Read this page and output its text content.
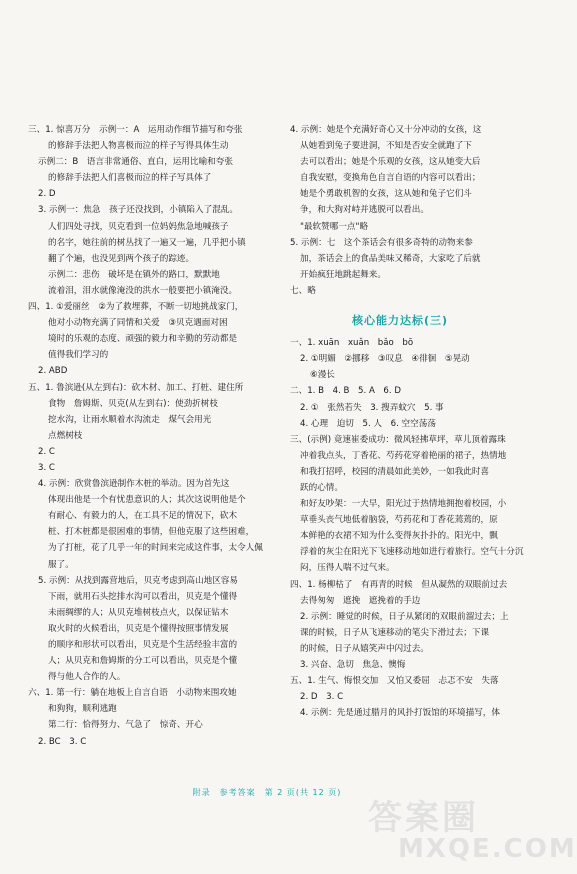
三、1. 惊喜万分　示例一：A　运用动作细节描写和夸张
的修辞手法把人物喜极而泣的样子写得具体生动
示例二：B　语言非常通俗、直白，运用比喻和夸张
的修辞手法把人们喜极而泣的样子写具体了
2. D
3. 示例一：焦急　孩子还没找到，小镇陷入了混乱。
人们四处寻找，贝克看到一位妈妈焦急地喊孩子
的名字，她往前的树丛找了一遍又一遍，几乎把小镇
翻了个遍，也没见到两个孩子的踪迹。
示例二：悲伤　破坏是在镇外的路口，默默地
流着泪，泪水就像淹没的洪水一般要把小镇淹没。
四、1. ①爱丽丝　②为了救埋葬，不断一切地挑战家门，
他对小动物充满了同情和关爱　③贝克遇面对困
境时的乐观的态度、顽强的毅力和辛勤的劳动都是
值得我们学习的
2. ABD
五、1. 鲁滨逊(从左到右)：砍木材、加工、打桩、建住所
食物　詹姆斯、贝克(从左到右)：使劲折树枝
挖水沟，让雨水顺着水沟流走　煤气会用光
点燃树枝
2. C
3. C
4. 示例：欣赏鲁滨逊制作木桩的举动。因为首先这
体现出他是一个有忧患意识的人；其次这说明他是个
有耐心、有毅力的人，在工具不足的情况下，砍木
桩、打木桩都是很困难的事情，但他克服了这些困难，
为了打桩，花了几乎一年的时间来完成这件事，太令人佩
服了。
5. 示例：从找到露营地后，贝克考虑到高山地区容易
下雨，就用石头挖排水沟可以看出，贝克是个懂得
未雨绸缪的人；从贝克堆树枝点火，以保证钻木
取火时的火候看出，贝克是个懂得按照事情发展
的顺序和形状可以看出，贝克是个生活经验丰富的
人；从贝克和詹姆斯的分工可以看出，贝克是个懂
得与他人合作的人。
六、1. 第一行：躺在地板上自言自语　小动物来围攻她
和狗狗，顺利逃跑
第二行：恰得努力、气急了　惊奇、开心
2. BC　3. C
4. 示例：她是个充满好奇心又十分冲动的女孩，这
从她看到兔子要进洞，不知是否安全就跑了下
去可以看出；她是个乐观的女孩，这从她变大后
自我安慰，变换角色自言自语的内容可以看出；
她是个勇敢机智的女孩，这从她和兔子它们斗
争，和大狗对峙并逃脱可以看出。
"最软赞哪一点"略
5. 示例：七　这个茶话会有很多奇特的动物来参
加，茶话会上的食品美味又稀奇，大家吃了后就
开始疯狂地跳起舞来。
七、略
核心能力达标(三)
一、1. xuān　xuǎn　bǎo　bō
2. ①明媚　②挪移　③叹息　④徘徊　⑤晃动
⑥漫长
二、1. B　4. B　5. A　6. D
2. ①　张然若失　3. 搜弄蚊穴　5. 事
4. 心理　迫切　5. 人　6. 空空荡荡
三、(示例) 竟速崔委成功：微风轻拂草坪，草儿顶着露珠
冲着我点头，丁香花、芍药花穿着艳丽的裙子，热情地
和我打招呼，校园的清晨如此美妙，一如我此时喜
跃的心情。
和好友吵架：一大早，阳光过于热情地拥抱着校园，小
草垂头丧气地低着脑袋，芍药花和丁香花蔫蔫的，原
本鲜艳的衣裙不知为什么变得灰扑扑的。阳光中，飘
浮着的灰尘在阳光下飞速移动地如进行着旅行。空气十分沉
闷，压得人喘不过气来。
四、1. 杨柳枯了　有再青的时候　但从凝然的双眼前过去
去得匆匆　遮挽　遮挽着的手边
2. 示例：睡觉的时候，日子从紧闭的双眼前溜过去；上
课的时候，日子从飞速移动的笔尖下滑过去；下课
的时候，日子从嬉笑声中闪过去。
3. 兴奋、急切　焦急、懊悔
五、1. 生气、悔恨交加　又怕又委屈　忐忑不安　失落
2. D　3. C
4. 示例：先是通过腊月的风扑打饭馆的环境描写，体
附录　参考答案　第 2 页(共 12 页)
答案圈
MXQE.COM
